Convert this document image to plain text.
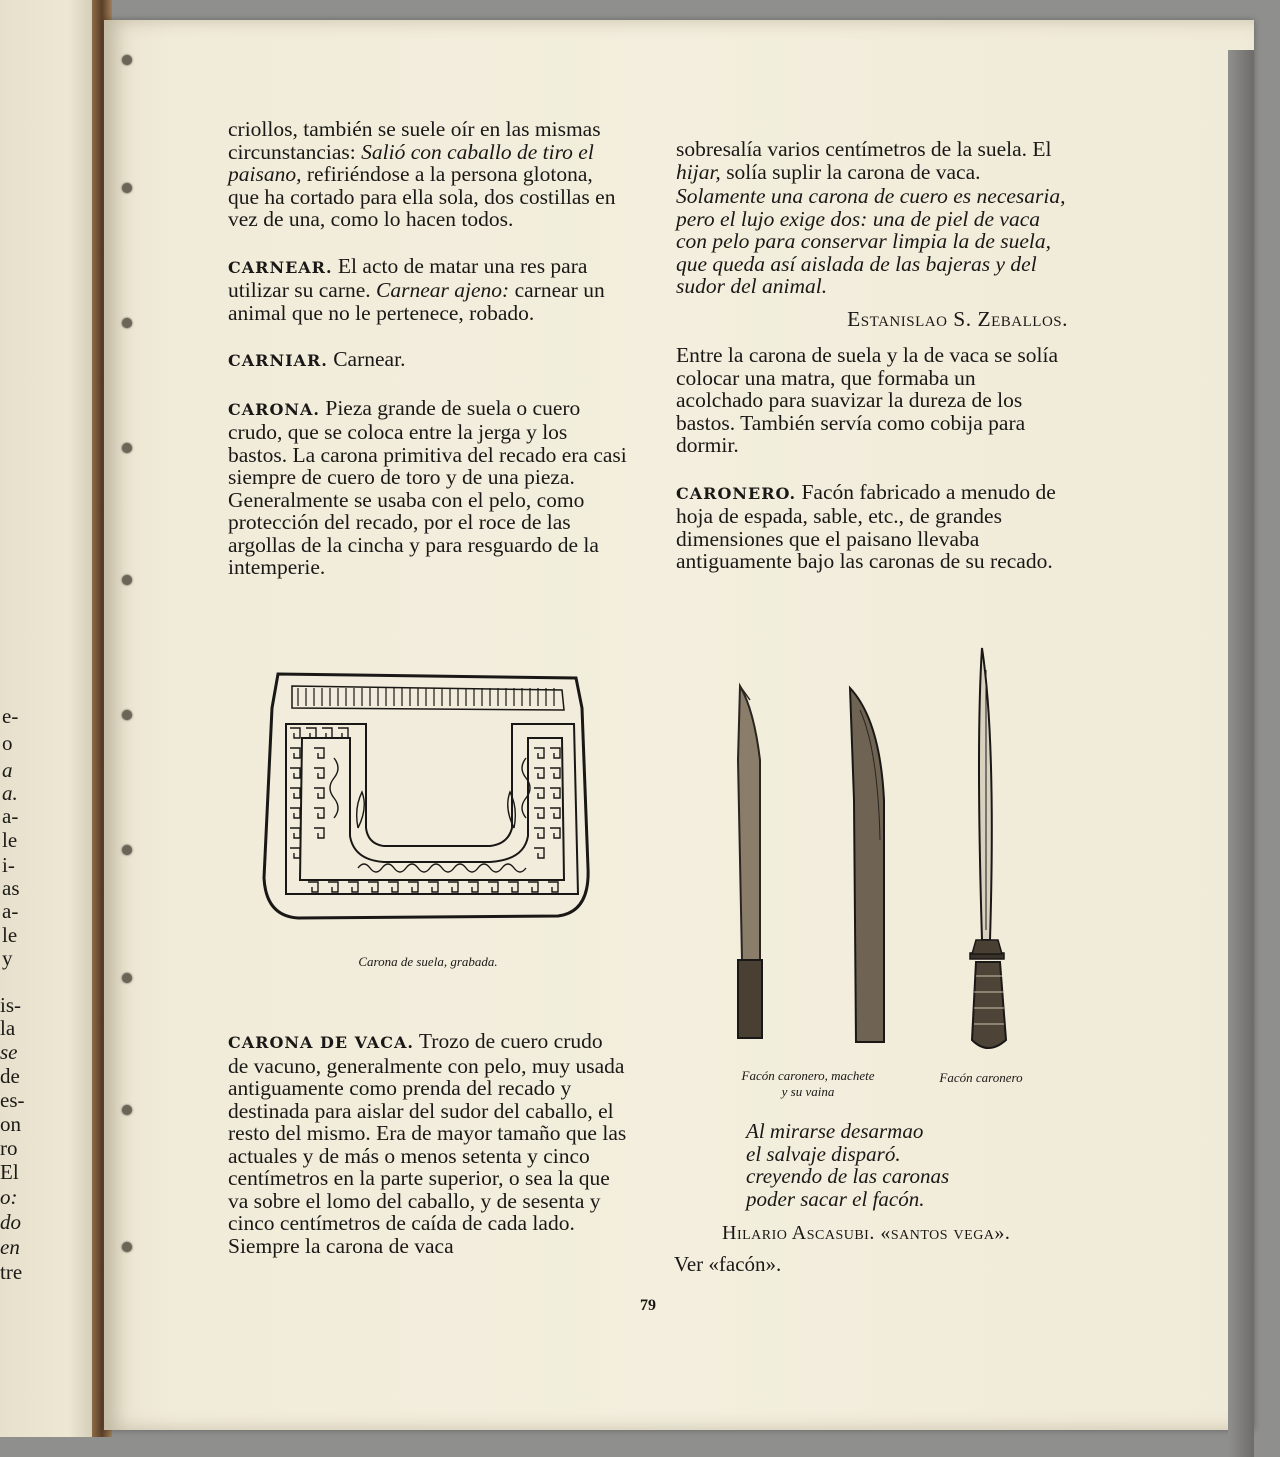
e-
o
a
a.
a-
le
i-
as
a-
le
y
is-
la
se
de
es-
on
ro
El
o:
do
en
tre

criollos, también se suele oír en las mismas circunstancias: Salió con caballo de tiro el paisano, refiriéndose a la persona glotona, que ha cortado para ella sola, dos costillas en vez de una, como lo hacen todos.

CARNEAR. El acto de matar una res para utilizar su carne. Carnear ajeno: carnear un animal que no le pertenece, robado.

CARNIAR. Carnear.

CARONA. Pieza grande de suela o cuero crudo, que se coloca entre la jerga y los bastos. La carona primitiva del recado era casi siempre de cuero de toro y de una pieza. Generalmente se usaba con el pelo, como protección del recado, por el roce de las argollas de la cincha y para resguardo de la intemperie.

Carona de suela, grabada.

CARONA DE VACA. Trozo de cuero crudo de vacuno, generalmente con pelo, muy usada antiguamente como prenda del recado y destinada para aislar del sudor del caballo, el resto del mismo. Era de mayor tamaño que las actuales y de más o menos setenta y cinco centímetros en la parte superior, o sea la que va sobre el lomo del caballo, y de sesenta y cinco centímetros de caída de cada lado. Siempre la carona de vaca

sobresalía varios centímetros de la suela. El hijar, solía suplir la carona de vaca.

Solamente una carona de cuero es necesaria, pero el lujo exige dos: una de piel de vaca con pelo para conservar limpia la de suela, que queda así aislada de las bajeras y del sudor del animal.

Estanislao S. Zeballos.

Entre la carona de suela y la de vaca se solía colocar una matra, que formaba un acolchado para suavizar la dureza de los bastos. También servía como cobija para dormir.

CARONERO. Facón fabricado a menudo de hoja de espada, sable, etc., de grandes dimensiones que el paisano llevaba antiguamente bajo las caronas de su recado.

Facón caronero, machete
y su vaina
Facón caronero
Al mirarse desarmao
el salvaje disparó.
creyendo de las caronas
poder sacar el facón.
Hilario Ascasubi. «santos vega».
Ver «facón».
79
